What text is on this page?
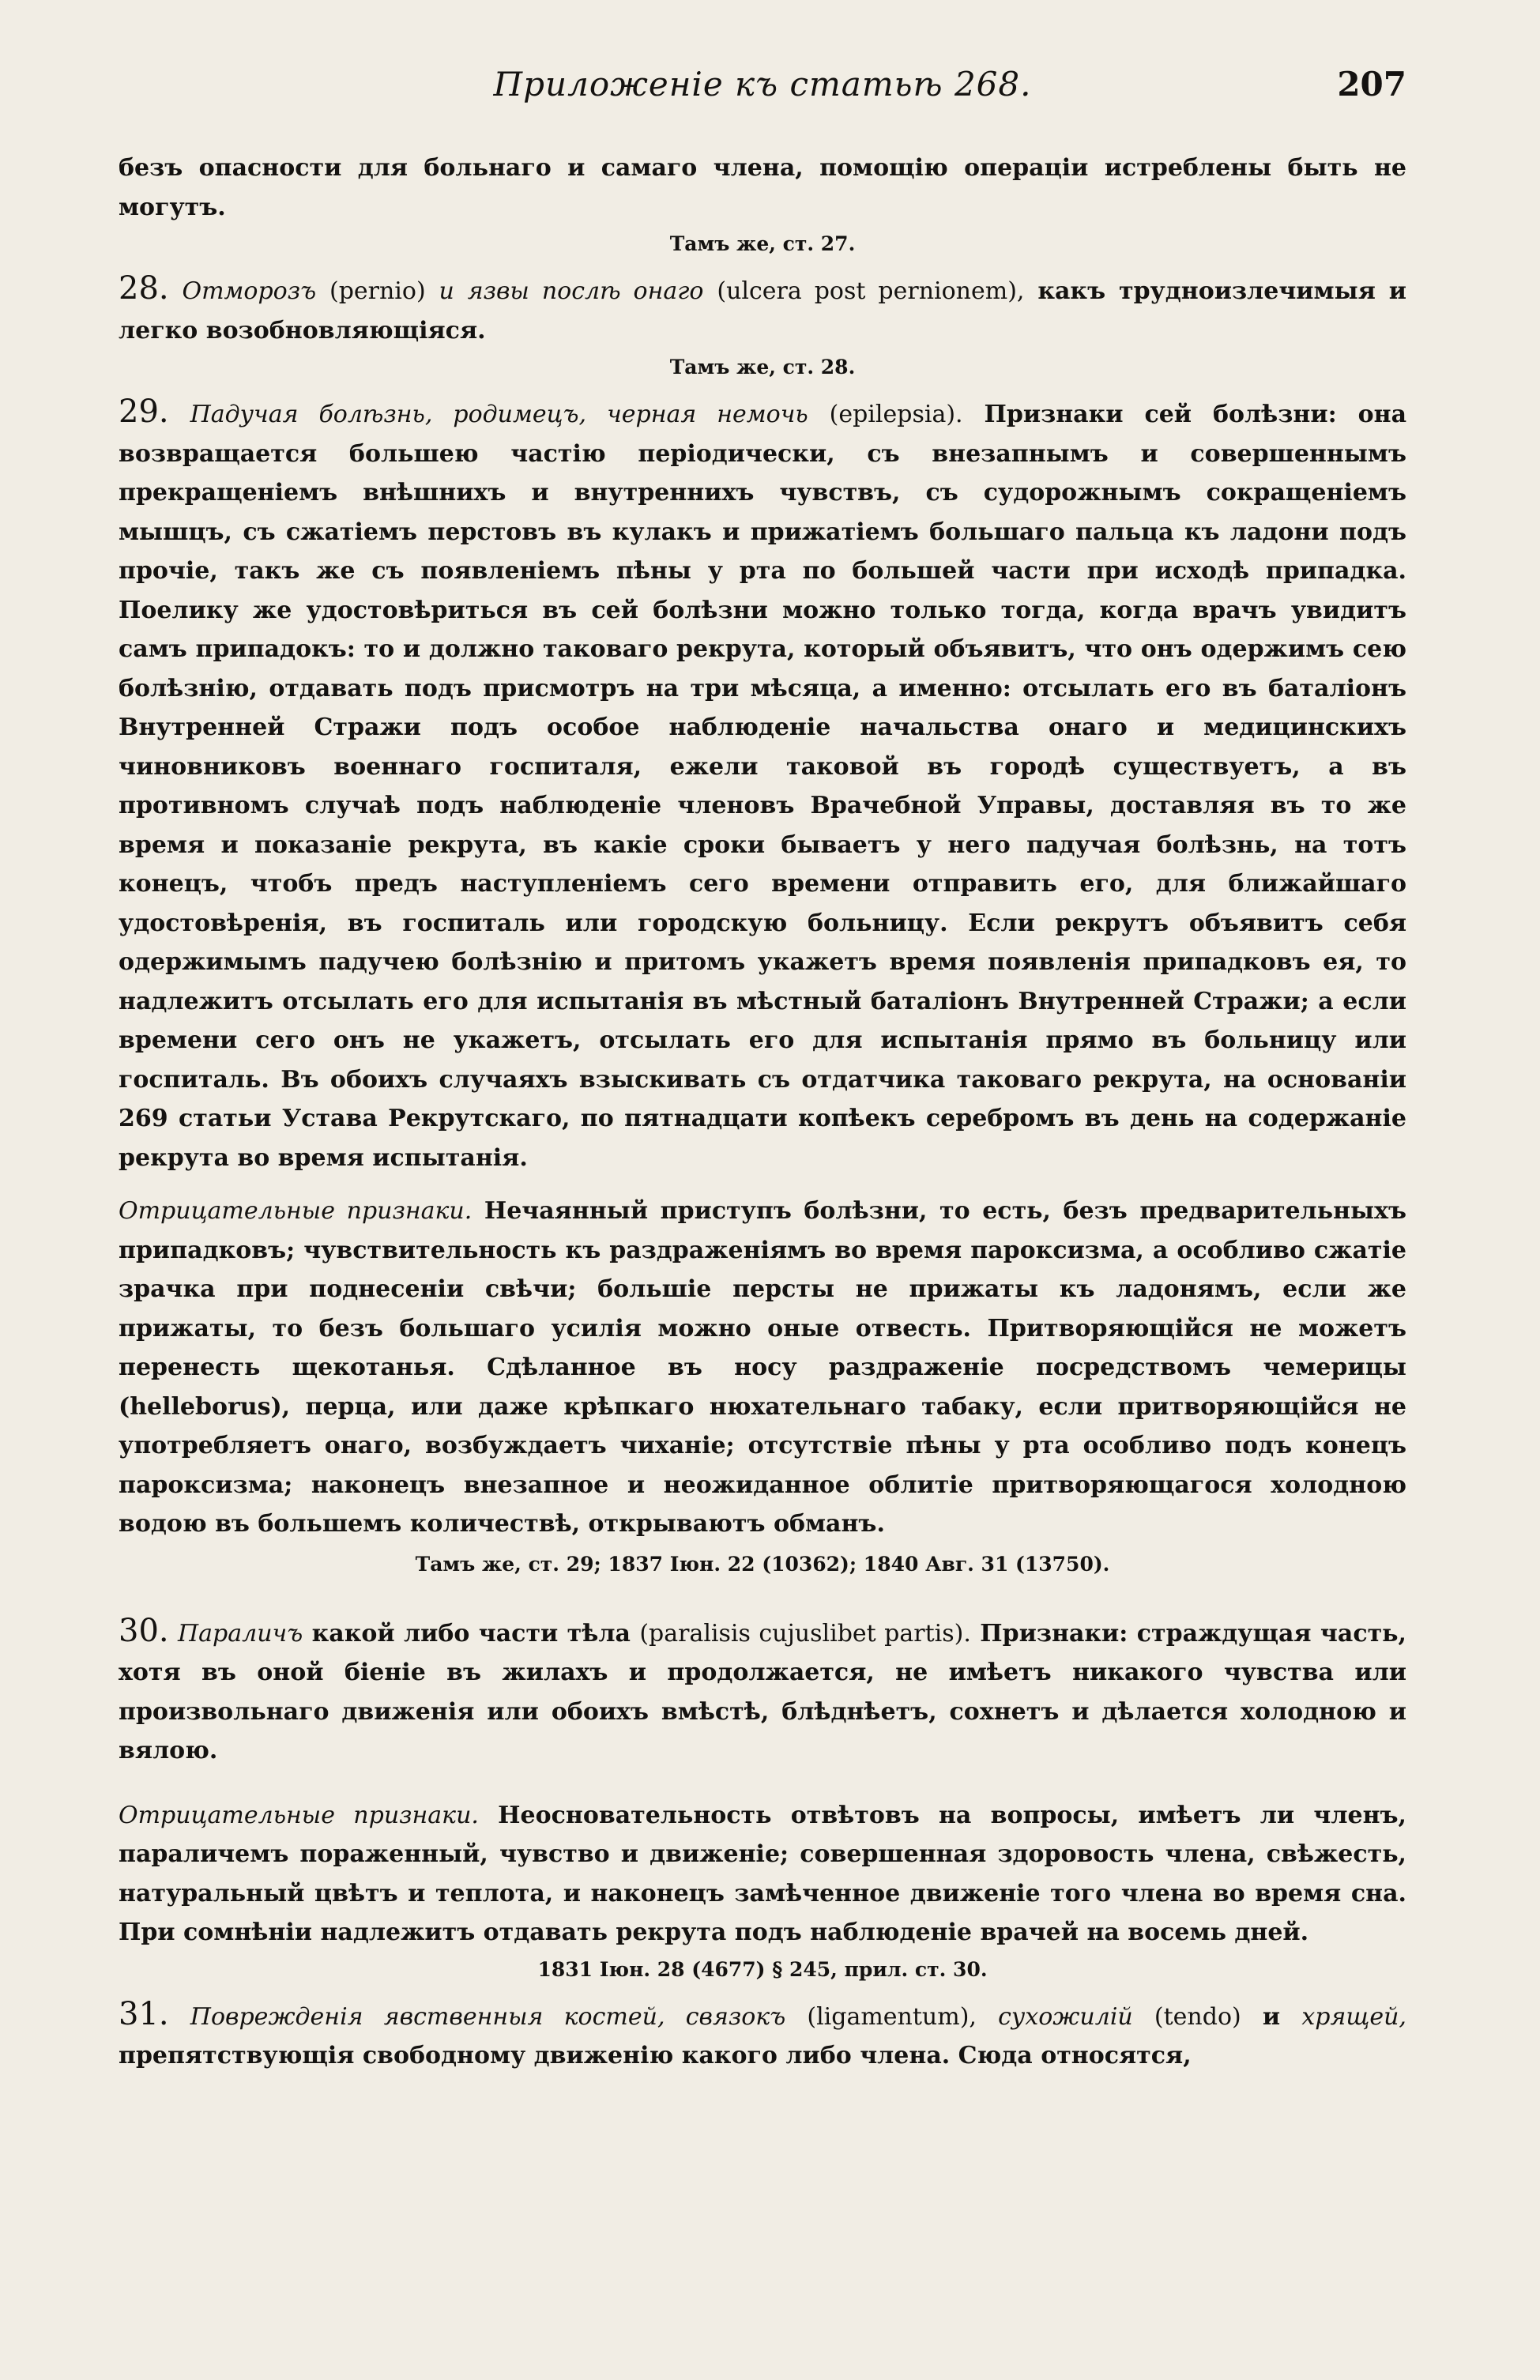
Приложеніе къ статьѣ 268.	207

безъ опасности для больнаго и самаго члена, помощію операціи истреблены быть не могутъ.

Тамъ же, ст. 27.

28. Отморозъ (pernio) и язвы послѣ онаго (ulcera post pernionem), какъ трудноизлечимыя и легко возобновляющіяся.

Тамъ же, ст. 28.

29. Падучая болѣзнь, родимецъ, черная немочь (epilepsia). Признаки сей болѣзни: она возвращается большею частію періодически, съ внезапнымъ и совершеннымъ прекращеніемъ внѣшнихъ и внутреннихъ чувствъ, съ судорожнымъ сокращеніемъ мышцъ, съ сжатіемъ перстовъ въ кулакъ и прижатіемъ большаго пальца къ ладони подъ прочіе, такъ же съ появленіемъ пѣны у рта по большей части при исходѣ припадка. Поелику же удостовѣриться въ сей болѣзни можно только тогда, когда врачъ увидитъ самъ припадокъ: то и должно таковаго рекрута, который объявитъ, что онъ одержимъ сею болѣзнію, отдавать подъ присмотръ на три мѣсяца, а именно: отсылать его въ баталіонъ Внутренней Стражи подъ особое наблюденіе начальства онаго и медицинскихъ чиновниковъ военнаго госпиталя, ежели таковой въ городѣ существуетъ, а въ противномъ случаѣ подъ наблюденіе членовъ Врачебной Управы, доставляя въ то же время и показаніе рекрута, въ какіе сроки бываетъ у него падучая болѣзнь, на тотъ конецъ, чтобъ предъ наступленіемъ сего времени отправить его, для ближайшаго удостовѣренія, въ госпиталь или городскую больницу. Если рекрутъ объявитъ себя одержимымъ падучею болѣзнію и притомъ укажетъ время появленія припадковъ ея, то надлежитъ отсылать его для испытанія въ мѣстный баталіонъ Внутренней Стражи; а если времени сего онъ не укажетъ, отсылать его для испытанія прямо въ больницу или госпиталь. Въ обоихъ случаяхъ взыскивать съ отдатчика таковаго рекрута, на основаніи 269 статьи Устава Рекрутскаго, по пятнадцати копѣекъ серебромъ въ день на содержаніе рекрута во время испытанія.

Отрицательные признаки. Нечаянный приступъ болѣзни, то есть, безъ предварительныхъ припадковъ; чувствительность къ раздраженіямъ во время пароксизма, а особливо сжатіе зрачка при поднесеніи свѣчи; большіе персты не прижаты къ ладонямъ, если же прижаты, то безъ большаго усилія можно оные отвесть. Притворяющійся не можетъ перенесть щекотанья. Сдѣланное въ носу раздраженіе посредствомъ чемерицы (helleborus), перца, или даже крѣпкаго нюхательнаго табаку, если притворяющійся не употребляетъ онаго, возбуждаетъ чиханіе; отсутствіе пѣны у рта особливо подъ конецъ пароксизма; наконецъ внезапное и неожиданное облитіе притворяющагося холодною водою въ большемъ количествѣ, открываютъ обманъ.

Тамъ же, ст. 29; 1837 Іюн. 22 (10362); 1840 Авг. 31 (13750).

30. Параличъ какой либо части тѣла (paralisis cujuslibet partis). Признаки: страждущая часть, хотя въ оной біеніе въ жилахъ и продолжается, не имѣетъ никакого чувства или произвольнаго движенія или обоихъ вмѣстѣ, блѣднѣетъ, сохнетъ и дѣлается холодною и вялою.

Отрицательные признаки. Неосновательность отвѣтовъ на вопросы, имѣетъ ли членъ, параличемъ пораженный, чувство и движеніе; совершенная здоровость члена, свѣжесть, натуральный цвѣтъ и теплота, и наконецъ замѣченное движеніе того члена во время сна. При сомнѣніи надлежитъ отдавать рекрута подъ наблюденіе врачей на восемь дней.

1831 Іюн. 28 (4677) § 245, прил. ст. 30.

31. Поврежденія явственныя костей, связокъ (ligamentum), сухожилій (tendo) и хрящей, препятствующія свободному движенію какого либо члена. Сюда относятся,
